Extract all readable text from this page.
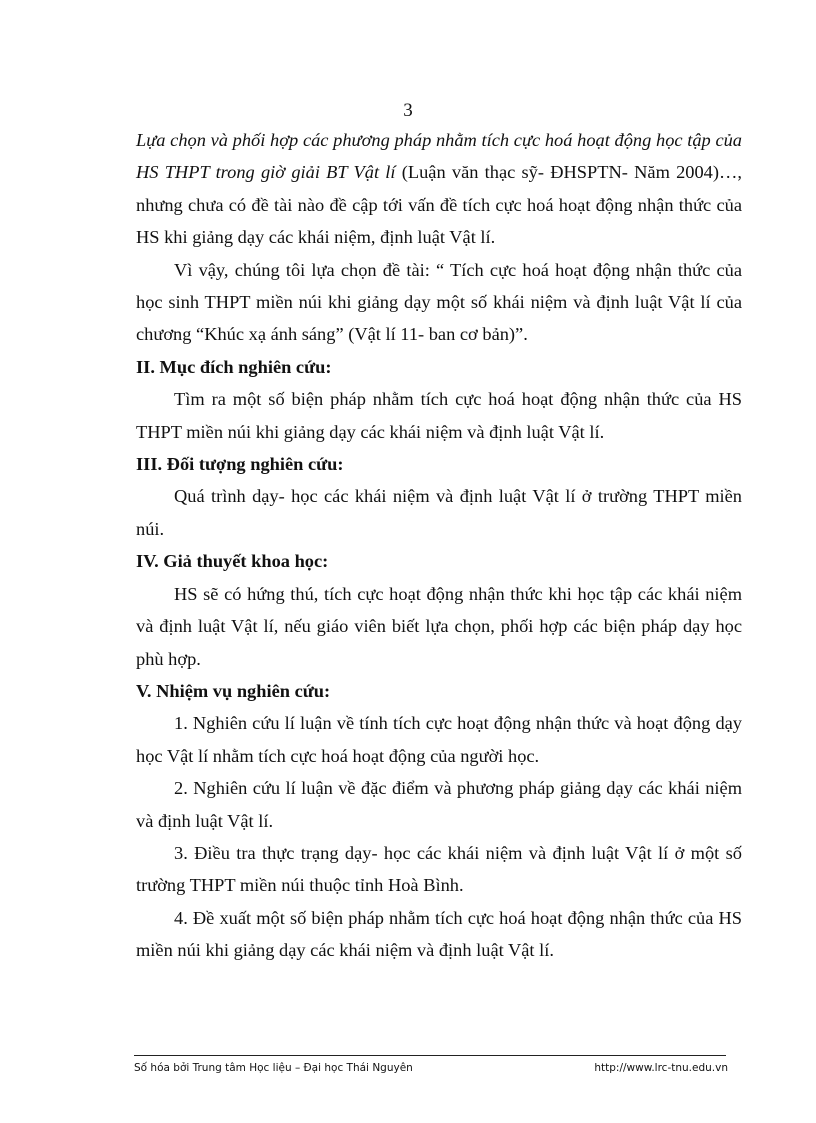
3

Lựa chọn và phối hợp các phương pháp nhằm tích cực hoá hoạt động học tập của HS THPT trong giờ giải BT Vật lí (Luận văn thạc sỹ- ĐHSPTN- Năm 2004)…, nhưng chưa có đề tài nào đề cập tới vấn đề tích cực hoá hoạt động nhận thức của HS khi giảng dạy các khái niệm, định luật Vật lí.

Vì vậy, chúng tôi lựa chọn đề tài: “ Tích cực hoá hoạt động nhận thức của học sinh THPT miền núi khi giảng dạy một số khái niệm và định luật Vật lí của chương “Khúc xạ ánh sáng” (Vật lí 11- ban cơ bản)”.

II. Mục đích nghiên cứu:

Tìm ra một số biện pháp nhằm tích cực hoá hoạt động nhận thức của HS THPT miền núi khi giảng dạy các khái niệm và định luật Vật lí.

III. Đối tượng nghiên cứu:

Quá trình dạy- học các khái niệm và định luật Vật lí ở trường THPT miền núi.

IV. Giả thuyết khoa học:

HS sẽ có hứng thú, tích cực hoạt động nhận thức khi học tập các khái niệm và định luật Vật lí, nếu giáo viên biết lựa chọn, phối hợp các biện pháp dạy học phù hợp.

V. Nhiệm vụ nghiên cứu:

1. Nghiên cứu lí luận về tính tích cực hoạt động nhận thức và hoạt động dạy học Vật lí nhằm tích cực hoá hoạt động của người học.

2. Nghiên cứu lí luận về đặc điểm và phương pháp giảng dạy các khái niệm và định luật Vật lí.

3. Điều tra thực trạng dạy- học các khái niệm và định luật Vật lí ở một số trường THPT miền núi thuộc tỉnh Hoà Bình.

4. Đề xuất một số biện pháp nhằm tích cực hoá hoạt động nhận thức của HS miền núi khi giảng dạy các khái niệm và định luật Vật lí.

Số hóa bởi Trung tâm Học liệu – Đại học Thái Nguyên	http://www.lrc-tnu.edu.vn
